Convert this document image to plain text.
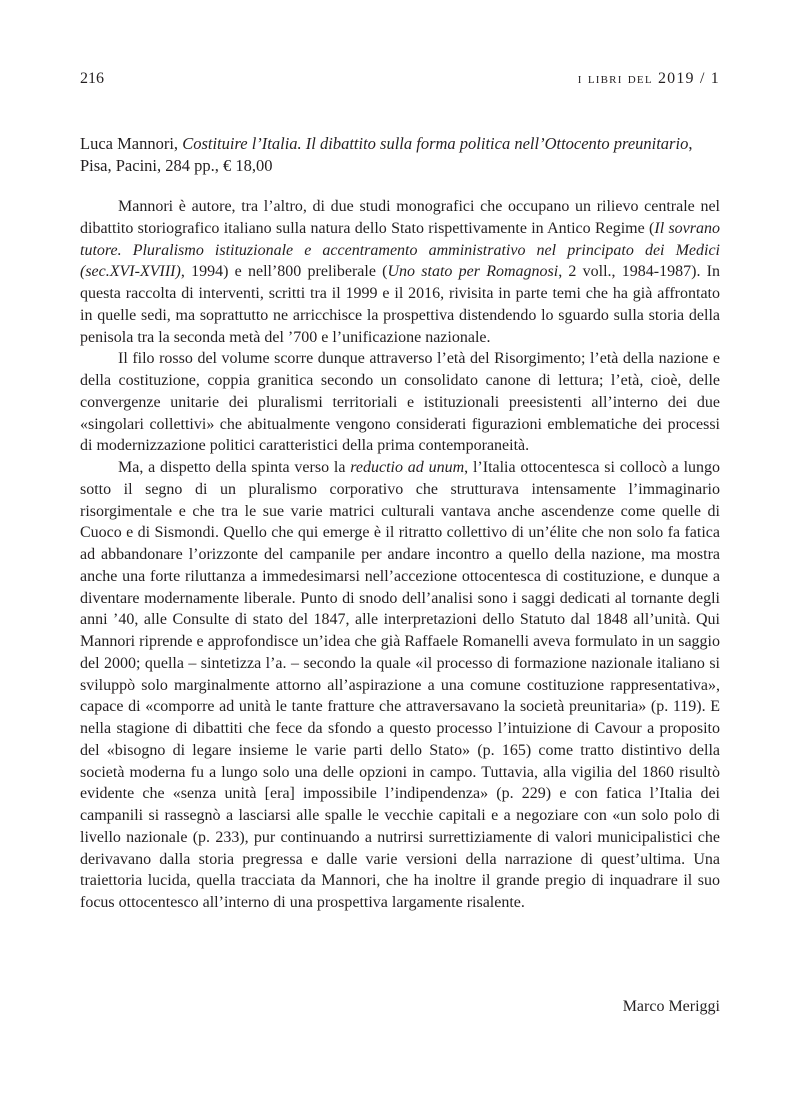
216	i libri del 2019 / 1
Luca Mannori, Costituire l’Italia. Il dibattito sulla forma politica nell’Ottocento preunitario, Pisa, Pacini, 284 pp., € 18,00

Mannori è autore, tra l’altro, di due studi monografici che occupano un rilievo centrale nel dibattito storiografico italiano sulla natura dello Stato rispettivamente in Antico Regime (Il sovrano tutore. Pluralismo istituzionale e accentramento amministrativo nel principato dei Medici (sec.XVI-XVIII), 1994) e nell’800 preliberale (Uno stato per Romagnosi, 2 voll., 1984-1987). In questa raccolta di interventi, scritti tra il 1999 e il 2016, rivisita in parte temi che ha già affrontato in quelle sedi, ma soprattutto ne arricchisce la prospettiva distendendo lo sguardo sulla storia della penisola tra la seconda metà del ’700 e l’unificazione nazionale.

Il filo rosso del volume scorre dunque attraverso l’età del Risorgimento; l’età della nazione e della costituzione, coppia granitica secondo un consolidato canone di lettura; l’età, cioè, delle convergenze unitarie dei pluralismi territoriali e istituzionali preesistenti all’interno dei due «singolari collettivi» che abitualmente vengono considerati figurazioni emblematiche dei processi di modernizzazione politici caratteristici della prima contemporaneità.

Ma, a dispetto della spinta verso la reductio ad unum, l’Italia ottocentesca si collocò a lungo sotto il segno di un pluralismo corporativo che strutturava intensamente l’immaginario risorgimentale e che tra le sue varie matrici culturali vantava anche ascendenze come quelle di Cuoco e di Sismondi. Quello che qui emerge è il ritratto collettivo di un’élite che non solo fa fatica ad abbandonare l’orizzonte del campanile per andare incontro a quello della nazione, ma mostra anche una forte riluttanza a immedesimarsi nell’accezione ottocentesca di costituzione, e dunque a diventare modernamente liberale. Punto di snodo dell’analisi sono i saggi dedicati al tornante degli anni ’40, alle Consulte di stato del 1847, alle interpretazioni dello Statuto dal 1848 all’unità. Qui Mannori riprende e approfondisce un’idea che già Raffaele Romanelli aveva formulato in un saggio del 2000; quella – sintetizza l’a. – secondo la quale «il processo di formazione nazionale italiano si sviluppò solo marginalmente attorno all’aspirazione a una comune costituzione rappresentativa», capace di «comporre ad unità le tante fratture che attraversavano la società preunitaria» (p. 119). E nella stagione di dibattiti che fece da sfondo a questo processo l’intuizione di Cavour a proposito del «bisogno di legare insieme le varie parti dello Stato» (p. 165) come tratto distintivo della società moderna fu a lungo solo una delle opzioni in campo. Tuttavia, alla vigilia del 1860 risultò evidente che «senza unità [era] impossibile l’indipendenza» (p. 229) e con fatica l’Italia dei campanili si rassegnò a lasciarsi alle spalle le vecchie capitali e a negoziare con «un solo polo di livello nazionale (p. 233), pur continuando a nutrirsi surrettiziamente di valori municipalistici che derivavano dalla storia pregressa e dalle varie versioni della narrazione di quest’ultima. Una traiettoria lucida, quella tracciata da Mannori, che ha inoltre il grande pregio di inquadrare il suo focus ottocentesco all’interno di una prospettiva largamente risalente.

Marco Meriggi
